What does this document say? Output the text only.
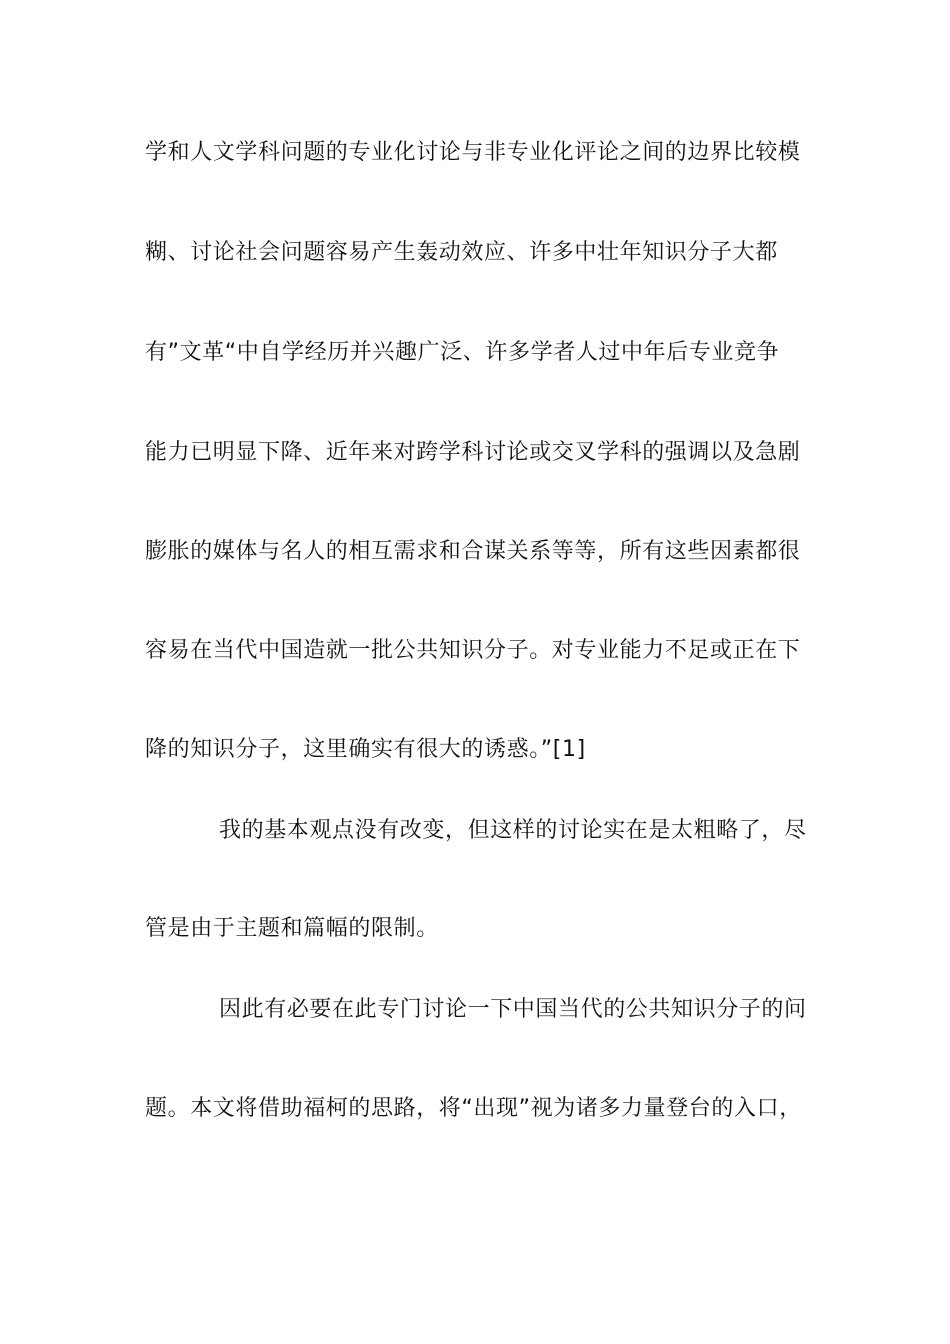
学和人文学科问题的专业化讨论与非专业化评论之间的边界比较模
糊、讨论社会问题容易产生轰动效应、许多中壮年知识分子大都
有”文革“中自学经历并兴趣广泛、许多学者人过中年后专业竞争
能力已明显下降、近年来对跨学科讨论或交叉学科的强调以及急剧
膨胀的媒体与名人的相互需求和合谋关系等等，所有这些因素都很
容易在当代中国造就一批公共知识分子。对专业能力不足或正在下
降的知识分子，这里确实有很大的诱惑。”[1]
我的基本观点没有改变，但这样的讨论实在是太粗略了，尽
管是由于主题和篇幅的限制。
因此有必要在此专门讨论一下中国当代的公共知识分子的问
题。本文将借助福柯的思路，将“出现”视为诸多力量登台的入口，
